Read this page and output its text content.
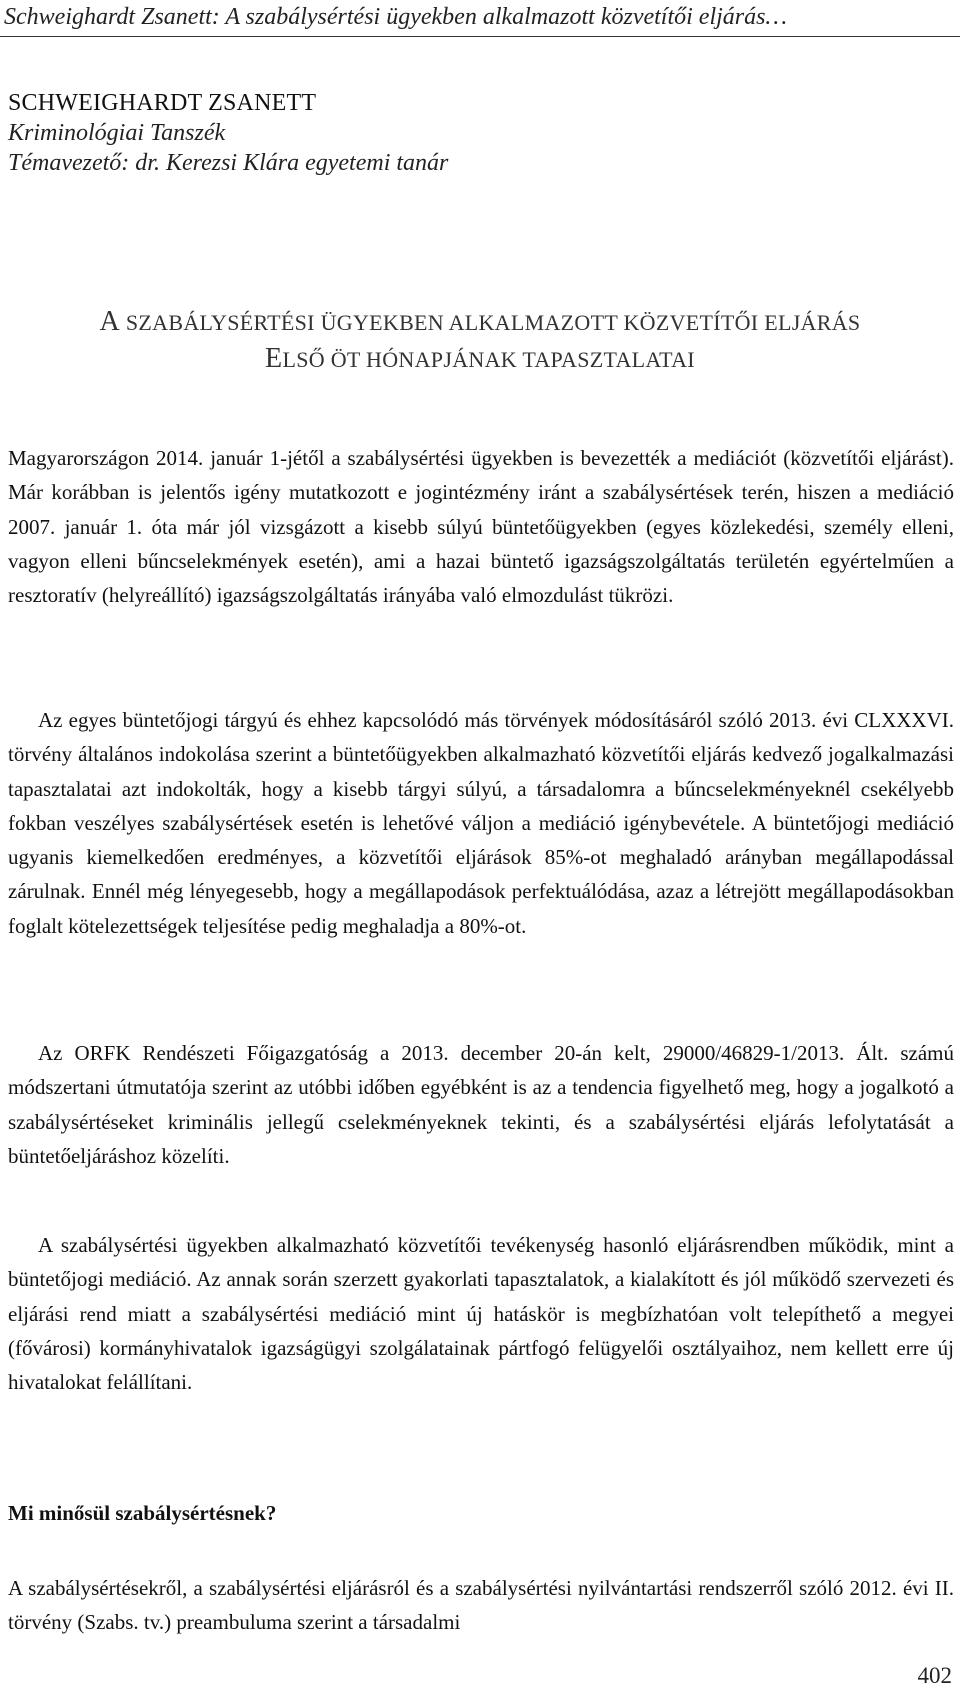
Schweighardt Zsanett: A szabálysértési ügyekben alkalmazott közvetítői eljárás…
SCHWEIGHARDT ZSANETT
Kriminológiai Tanszék
Témavezető: dr. Kerezsi Klára egyetemi tanár
A SZABÁLYSÉRTÉSI ÜGYEKBEN ALKALMAZOTT KÖZVETÍTŐI ELJÁRÁS
ELSŐ ÖT HÓNAPJÁNAK TAPASZTALATAI

Magyarországon 2014. január 1-jétől a szabálysértési ügyekben is bevezették a mediációt (közvetítői eljárást). Már korábban is jelentős igény mutatkozott e jogintézmény iránt a szabálysértések terén, hiszen a mediáció 2007. január 1. óta már jól vizsgázott a kisebb súlyú büntetőügyekben (egyes közlekedési, személy elleni, vagyon elleni bűncselekmények esetén), ami a hazai büntető igazságszolgáltatás területén egyértelműen a resztoratív (helyreállító) igazságszolgáltatás irányába való elmozdulást tükrözi.

Az egyes büntetőjogi tárgyú és ehhez kapcsolódó más törvények módosításáról szóló 2013. évi CLXXXVI. törvény általános indokolása szerint a büntetőügyekben alkalmazható közvetítői eljárás kedvező jogalkalmazási tapasztalatai azt indokolták, hogy a kisebb tárgyi súlyú, a társadalomra a bűncselekményeknél csekélyebb fokban veszélyes szabálysértések esetén is lehetővé váljon a mediáció igénybevétele. A büntetőjogi mediáció ugyanis kiemelkedően eredményes, a közvetítői eljárások 85%-ot meghaladó arányban megállapodással zárulnak. Ennél még lényegesebb, hogy a megállapodások perfektuálódása, azaz a létrejött megállapodásokban foglalt kötelezettségek teljesítése pedig meghaladja a 80%-ot.

Az ORFK Rendészeti Főigazgatóság a 2013. december 20-án kelt, 29000/46829-1/2013. Ált. számú módszertani útmutatója szerint az utóbbi időben egyébként is az a tendencia figyelhető meg, hogy a jogalkotó a szabálysértéseket kriminális jellegű cselekményeknek tekinti, és a szabálysértési eljárás lefolytatását a büntetőeljáráshoz közelíti.

A szabálysértési ügyekben alkalmazható közvetítői tevékenység hasonló eljárásrendben működik, mint a büntetőjogi mediáció. Az annak során szerzett gyakorlati tapasztalatok, a kialakított és jól működő szervezeti és eljárási rend miatt a szabálysértési mediáció mint új hatáskör is megbízhatóan volt telepíthető a megyei (fővárosi) kormányhivatalok igazságügyi szolgálatainak pártfogó felügyelői osztályaihoz, nem kellett erre új hivatalokat felállítani.

Mi minősül szabálysértésnek?

A szabálysértésekről, a szabálysértési eljárásról és a szabálysértési nyilvántartási rendszerről szóló 2012. évi II. törvény (Szabs. tv.) preambuluma szerint a társadalmi

402
